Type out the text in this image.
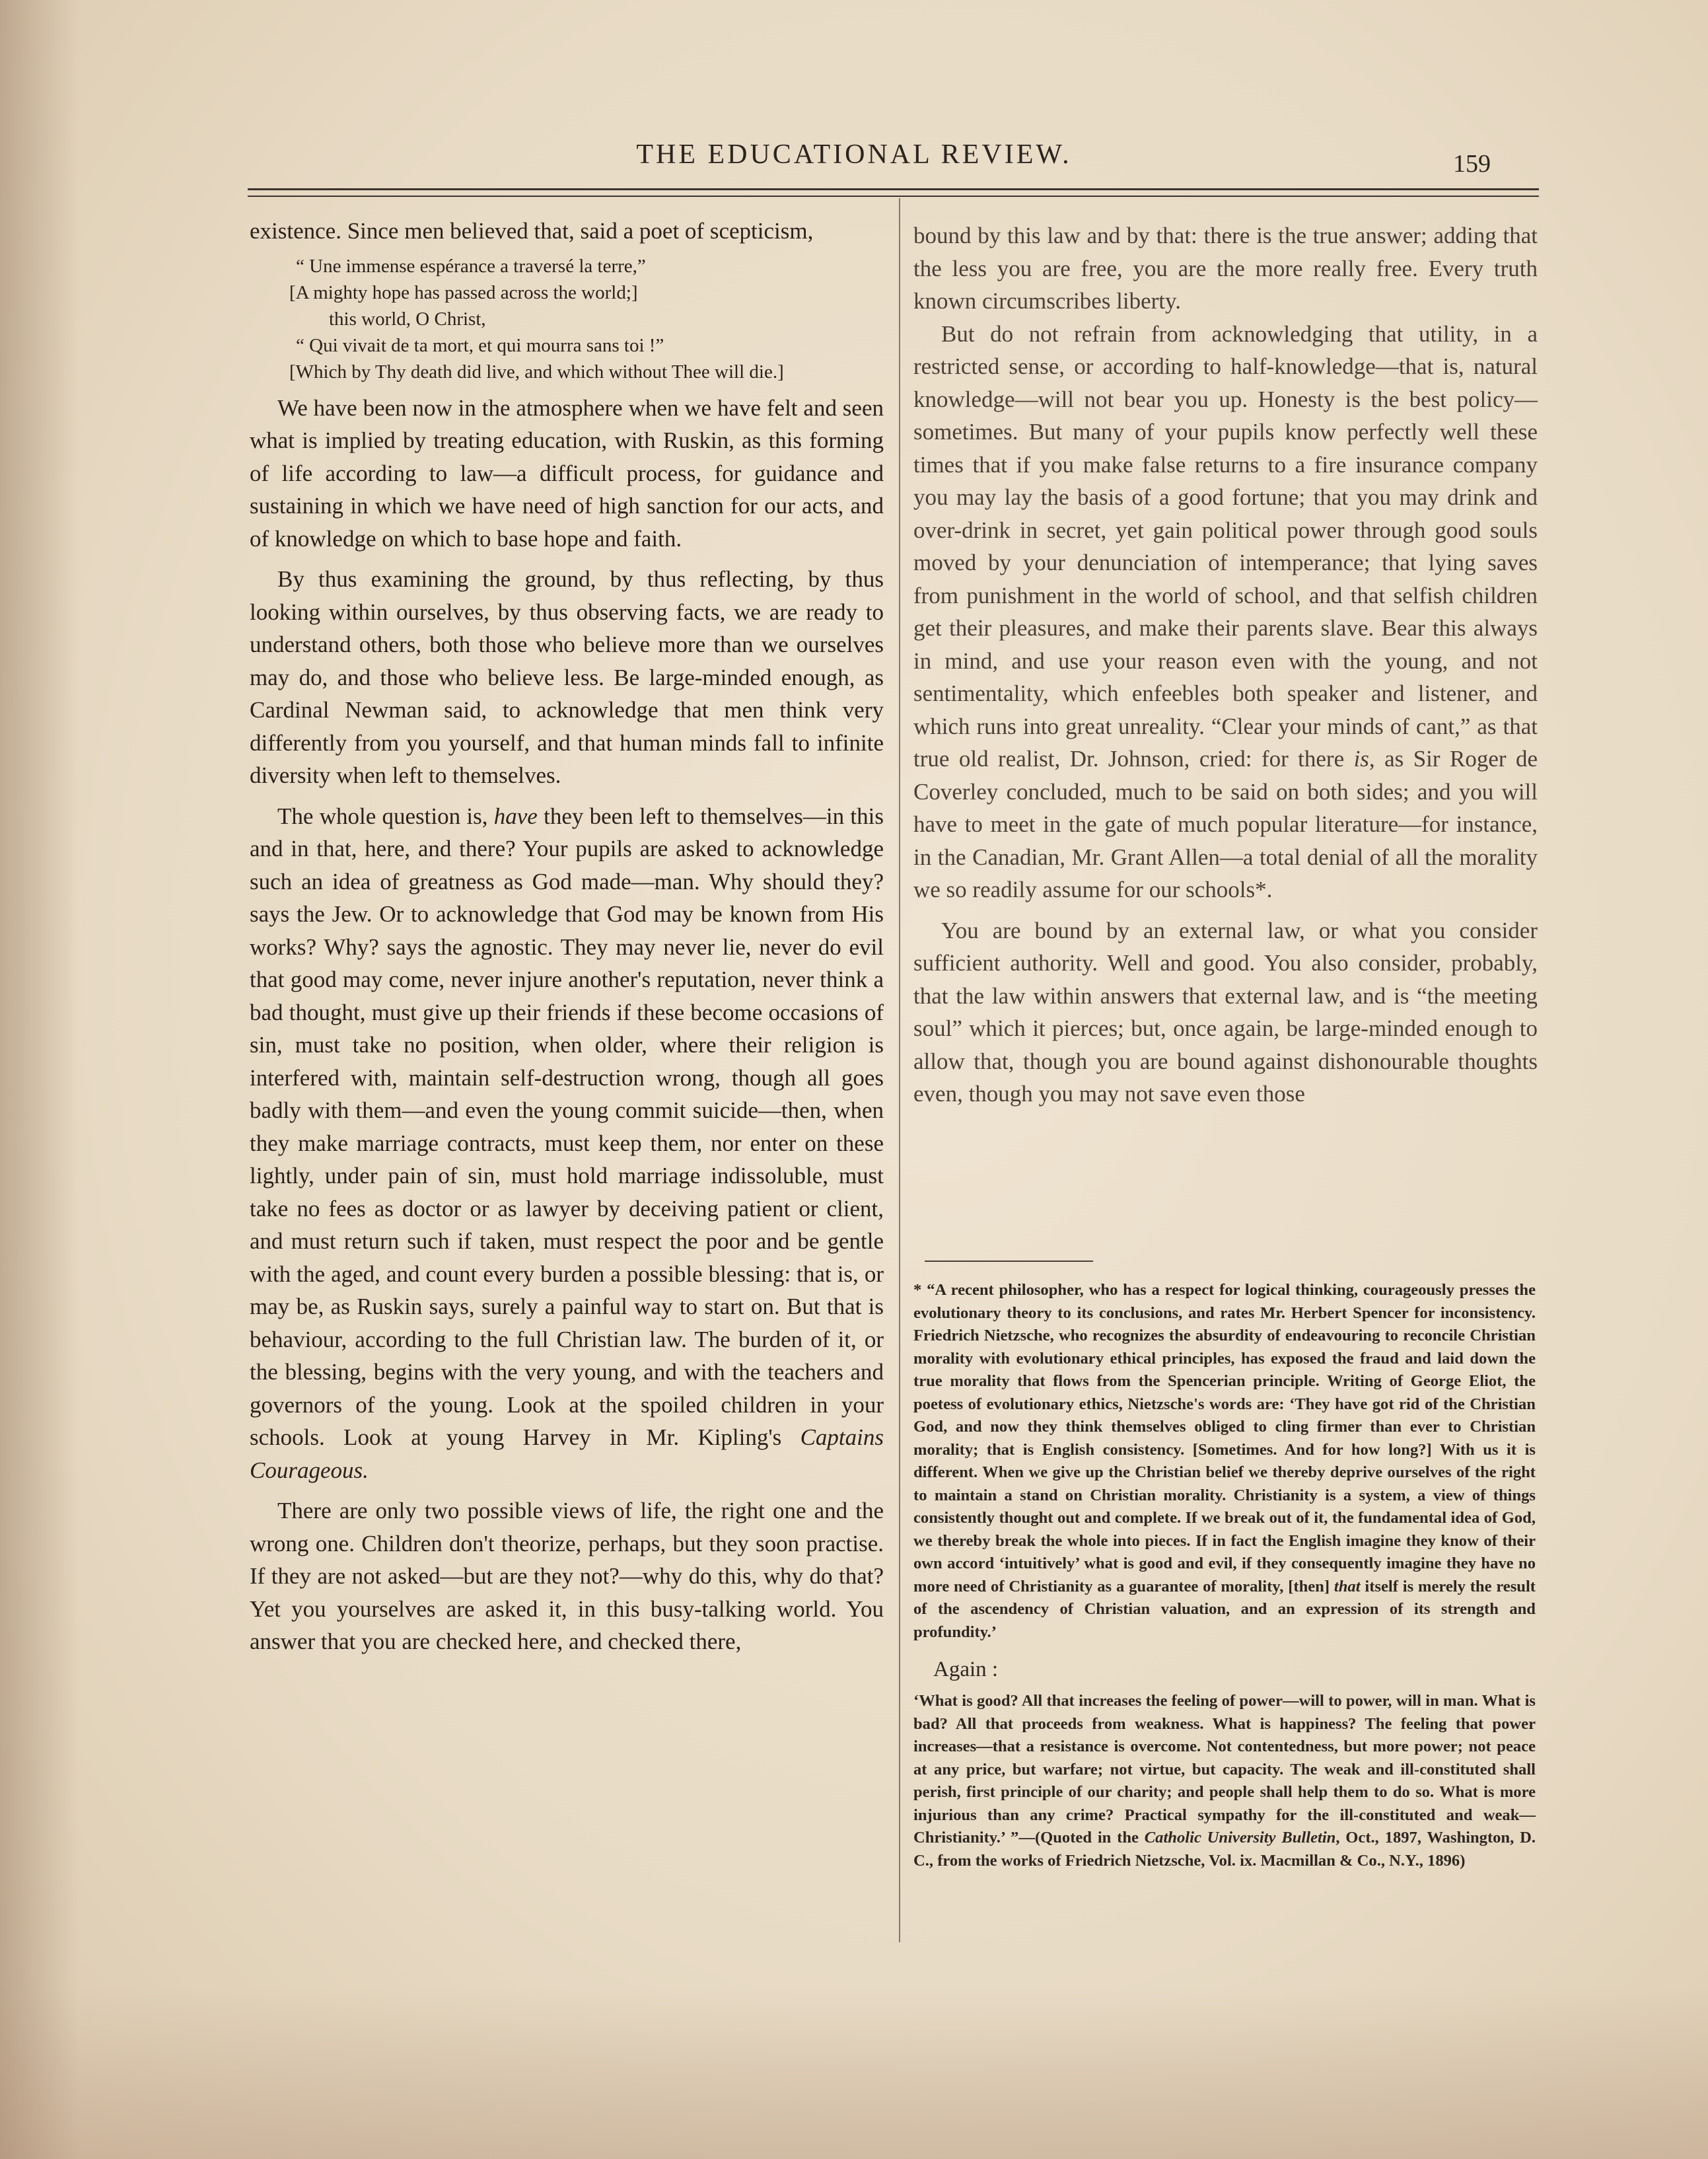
THE EDUCATIONAL REVIEW.	159

existence. Since men believed that, said a poet of scepticism,

“ Une immense espérance a traversé la terre,”
[A mighty hope has passed across the world;]
this world, O Christ,
“ Qui vivait de ta mort, et qui mourra sans toi !”
[Which by Thy death did live, and which without Thee will die.]

We have been now in the atmosphere when we have felt and seen what is implied by treating education, with Ruskin, as this forming of life according to law—a difficult process, for guidance and sustaining in which we have need of high sanction for our acts, and of knowledge on which to base hope and faith.

By thus examining the ground, by thus reflecting, by thus looking within ourselves, by thus observing facts, we are ready to understand others, both those who believe more than we ourselves may do, and those who believe less. Be large-minded enough, as Cardinal Newman said, to acknowledge that men think very differently from you yourself, and that human minds fall to infinite diversity when left to themselves.

The whole question is, have they been left to themselves—in this and in that, here, and there? Your pupils are asked to acknowledge such an idea of greatness as God made—man. Why should they? says the Jew. Or to acknowledge that God may be known from His works? Why? says the agnostic. They may never lie, never do evil that good may come, never injure another's reputation, never think a bad thought, must give up their friends if these become occasions of sin, must take no position, when older, where their religion is interfered with, maintain self-destruction wrong, though all goes badly with them—and even the young commit suicide—then, when they make marriage contracts, must keep them, nor enter on these lightly, under pain of sin, must hold marriage indissoluble, must take no fees as doctor or as lawyer by deceiving patient or client, and must return such if taken, must respect the poor and be gentle with the aged, and count every burden a possible blessing: that is, or may be, as Ruskin says, surely a painful way to start on. But that is behaviour, according to the full Christian law. The burden of it, or the blessing, begins with the very young, and with the teachers and governors of the young. Look at the spoiled children in your schools. Look at young Harvey in Mr. Kipling's Captains Courageous.

There are only two possible views of life, the right one and the wrong one. Children don't theorize, perhaps, but they soon practise. If they are not asked—but are they not?—why do this, why do that? Yet you yourselves are asked it, in this busy-talking world. You answer that you are checked here, and checked there,

bound by this law and by that: there is the true answer; adding that the less you are free, you are the more really free. Every truth known circumscribes liberty.

But do not refrain from acknowledging that utility, in a restricted sense, or according to half-knowledge—that is, natural knowledge—will not bear you up. Honesty is the best policy—sometimes. But many of your pupils know perfectly well these times that if you make false returns to a fire insurance company you may lay the basis of a good fortune; that you may drink and over-drink in secret, yet gain political power through good souls moved by your denunciation of intemperance; that lying saves from punishment in the world of school, and that selfish children get their pleasures, and make their parents slave. Bear this always in mind, and use your reason even with the young, and not sentimentality, which enfeebles both speaker and listener, and which runs into great unreality. “Clear your minds of cant,” as that true old realist, Dr. Johnson, cried: for there is, as Sir Roger de Coverley concluded, much to be said on both sides; and you will have to meet in the gate of much popular literature—for instance, in the Canadian, Mr. Grant Allen—a total denial of all the morality we so readily assume for our schools*.

You are bound by an external law, or what you consider sufficient authority. Well and good. You also consider, probably, that the law within answers that external law, and is “the meeting soul” which it pierces; but, once again, be large-minded enough to allow that, though you are bound against dishonourable thoughts even, though you may not save even those

* “A recent philosopher, who has a respect for logical thinking, courageously presses the evolutionary theory to its conclusions, and rates Mr. Herbert Spencer for inconsistency. Friedrich Nietzsche, who recognizes the absurdity of endeavouring to reconcile Christian morality with evolutionary ethical principles, has exposed the fraud and laid down the true morality that flows from the Spencerian principle. Writing of George Eliot, the poetess of evolutionary ethics, Nietzsche's words are: ‘They have got rid of the Christian God, and now they think themselves obliged to cling firmer than ever to Christian morality; that is English consistency. [Sometimes. And for how long?] With us it is different. When we give up the Christian belief we thereby deprive ourselves of the right to maintain a stand on Christian morality. Christianity is a system, a view of things consistently thought out and complete. If we break out of it, the fundamental idea of God, we thereby break the whole into pieces. If in fact the English imagine they know of their own accord ‘intuitively’ what is good and evil, if they consequently imagine they have no more need of Christianity as a guarantee of morality, [then] that itself is merely the result of the ascendency of Christian valuation, and an expression of its strength and profundity.’

Again :

‘What is good? All that increases the feeling of power—will to power, will in man. What is bad? All that proceeds from weakness. What is happiness? The feeling that power increases—that a resistance is overcome. Not contentedness, but more power; not peace at any price, but warfare; not virtue, but capacity. The weak and ill-constituted shall perish, first principle of our charity; and people shall help them to do so. What is more injurious than any crime? Practical sympathy for the ill-constituted and weak—Christianity.’ ”—(Quoted in the Catholic University Bulletin, Oct., 1897, Washington, D. C., from the works of Friedrich Nietzsche, Vol. ix. Macmillan & Co., N.Y., 1896)
